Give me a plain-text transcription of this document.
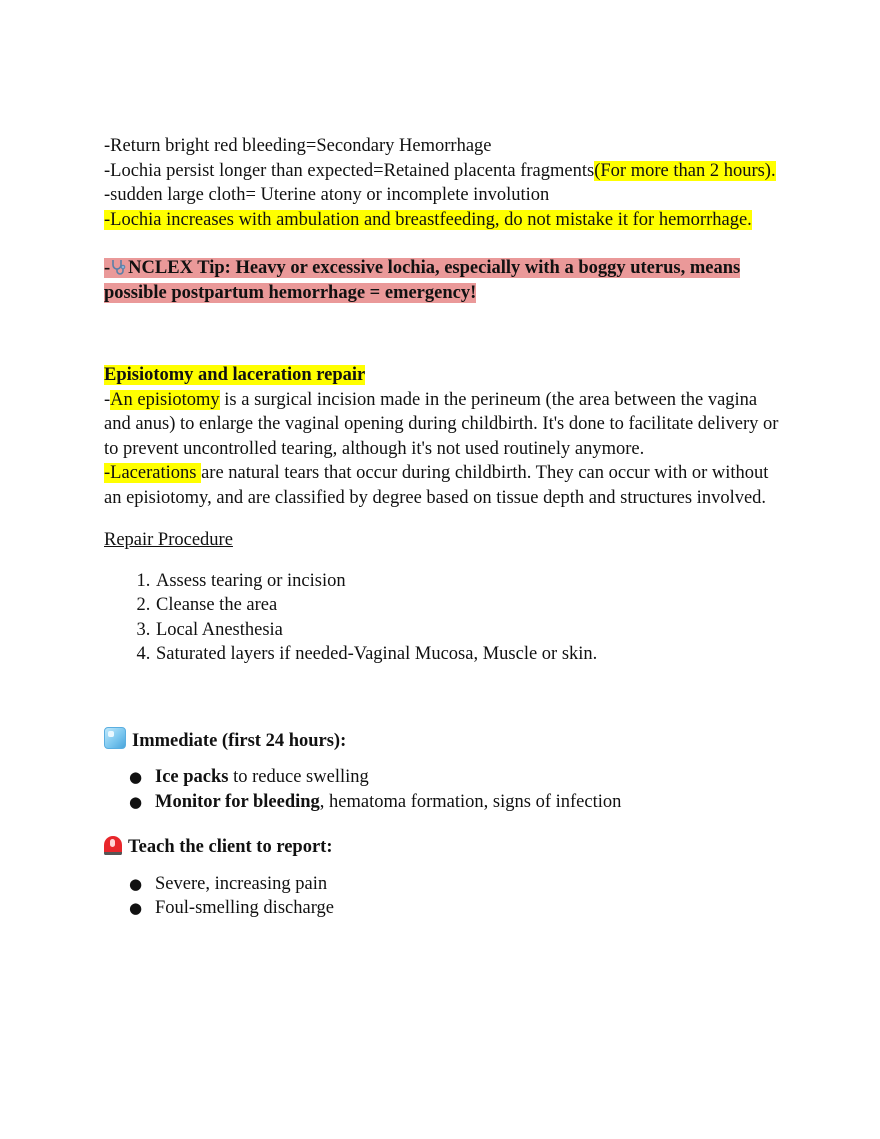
-Return bright red bleeding=Secondary Hemorrhage

-Lochia persist longer than expected=Retained placenta fragments(For more than 2 hours).

-sudden large cloth= Uterine atony or incomplete involution

-Lochia increases with ambulation and breastfeeding, do not mistake it for hemorrhage.

- NCLEX Tip: Heavy or excessive lochia, especially with a boggy uterus, means possible postpartum hemorrhage = emergency!

Episiotomy and laceration repair

-An episiotomy is a surgical incision made in the perineum (the area between the vagina and anus) to enlarge the vaginal opening during childbirth. It's done to facilitate delivery or to prevent uncontrolled tearing, although it's not used routinely anymore.

-Lacerations are natural tears that occur during childbirth. They can occur with or without an episiotomy, and are classified by degree based on tissue depth and structures involved.

Repair Procedure

1. Assess tearing or incision
2. Cleanse the area
3. Local Anesthesia
4. Saturated layers if needed-Vaginal Mucosa, Muscle or skin.

Immediate (first 24 hours):

● Ice packs to reduce swelling
● Monitor for bleeding, hematoma formation, signs of infection

Teach the client to report:

● Severe, increasing pain
● Foul-smelling discharge
